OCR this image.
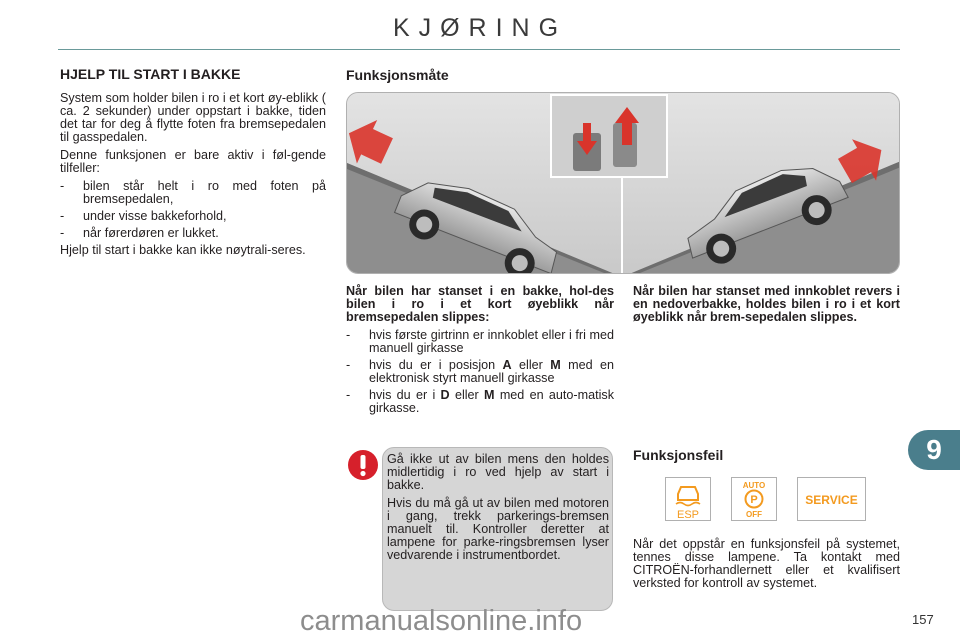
KJØRING
HJELP TIL START I BAKKE

System som holder bilen i ro i et kort øy-eblikk ( ca. 2 sekunder) under oppstart i bakke, tiden det tar for deg å flytte foten fra bremsepedalen til gasspedalen.

Denne funksjonen er bare aktiv i føl-gende tilfeller:

-	bilen står helt i ro med foten på bremsepedalen,
-	under visse bakkeforhold,
-	når førerdøren er lukket.

Hjelp til start i bakke kan ikke nøytrali-seres.

Funksjonsmåte

Når bilen har stanset i en bakke, hol-des bilen i ro i et kort øyeblikk når bremsepedalen slippes:

-	hvis første girtrinn er innkoblet eller i fri med manuell girkasse
-	hvis du er i posisjon A eller M med en elektronisk styrt manuell girkasse
-	hvis du er i D eller M med en auto-matisk girkasse.
Når bilen har stanset med innkoblet revers i en nedoverbakke, holdes bilen i ro i et kort øyeblikk når brem-sepedalen slippes.

Gå ikke ut av bilen mens den holdes midlertidig i ro ved hjelp av start i bakke.

Hvis du må gå ut av bilen med motoren i gang, trekk parkerings-bremsen manuelt til. Kontroller deretter at lampene for parke-ringsbremsen lyser vedvarende i instrumentbordet.

Funksjonsfeil
ESP
AUTO
P
OFF
SERVICE
Når det oppstår en funksjonsfeil på systemet, tennes disse lampene. Ta kontakt med CITROËN-forhandlernett eller et kvalifisert verksted for kontroll av systemet.
9
157
carmanualsonline.info
